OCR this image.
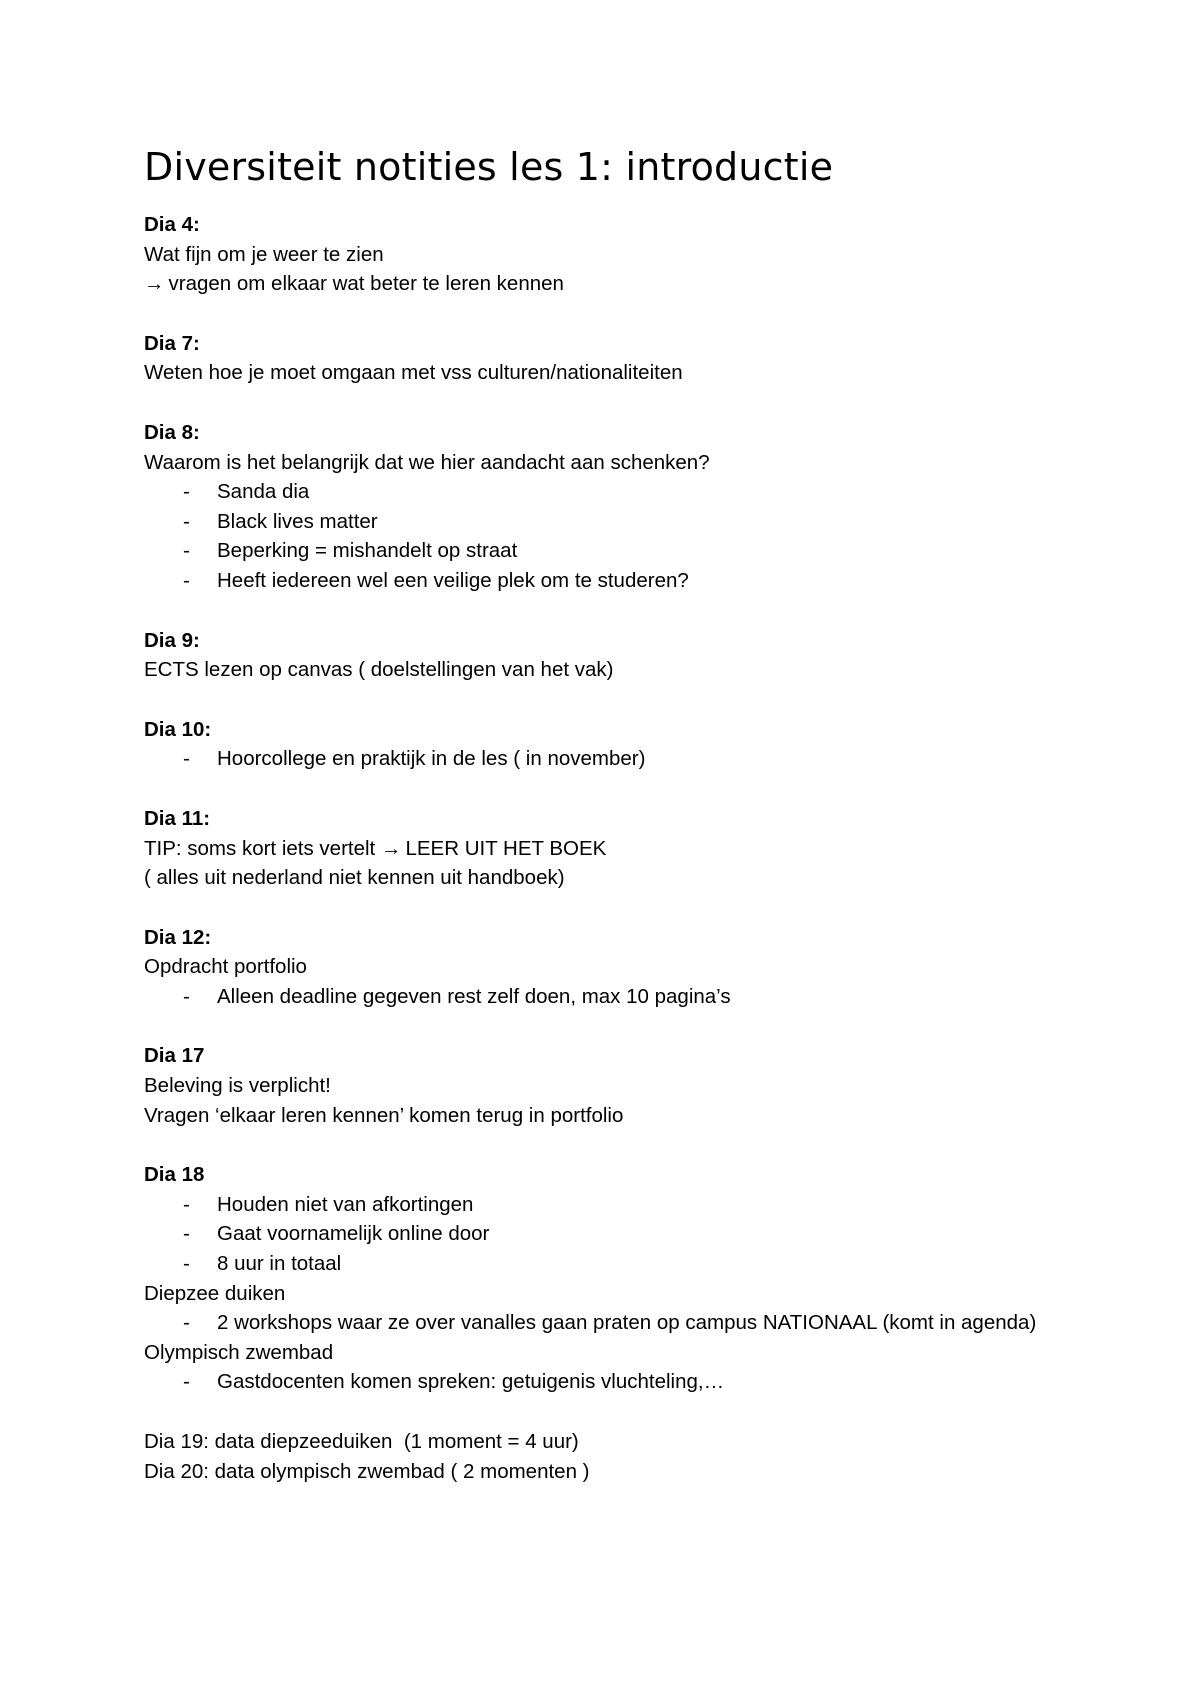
Diversiteit notities les 1: introductie
Dia 4:
Wat fijn om je weer te zien
→ vragen om elkaar wat beter te leren kennen
Dia 7:
Weten hoe je moet omgaan met vss culturen/nationaliteiten
Dia 8:
Waarom is het belangrijk dat we hier aandacht aan schenken?
- Sanda dia
- Black lives matter
- Beperking = mishandelt op straat
- Heeft iedereen wel een veilige plek om te studeren?
Dia 9:
ECTS lezen op canvas ( doelstellingen van het vak)
Dia 10:
- Hoorcollege en praktijk in de les ( in november)
Dia 11:
TIP: soms kort iets vertelt → LEER UIT HET BOEK
( alles uit nederland niet kennen uit handboek)
Dia 12:
Opdracht portfolio
- Alleen deadline gegeven rest zelf doen, max 10 pagina’s
Dia 17
Beleving is verplicht!
Vragen ‘elkaar leren kennen’ komen terug in portfolio
Dia 18
- Houden niet van afkortingen
- Gaat voornamelijk online door
- 8 uur in totaal
Diepzee duiken
- 2 workshops waar ze over vanalles gaan praten op campus NATIONAAL (komt in agenda)
Olympisch zwembad
- Gastdocenten komen spreken: getuigenis vluchteling,…
Dia 19: data diepzeeduiken  (1 moment = 4 uur)
Dia 20: data olympisch zwembad ( 2 momenten )
